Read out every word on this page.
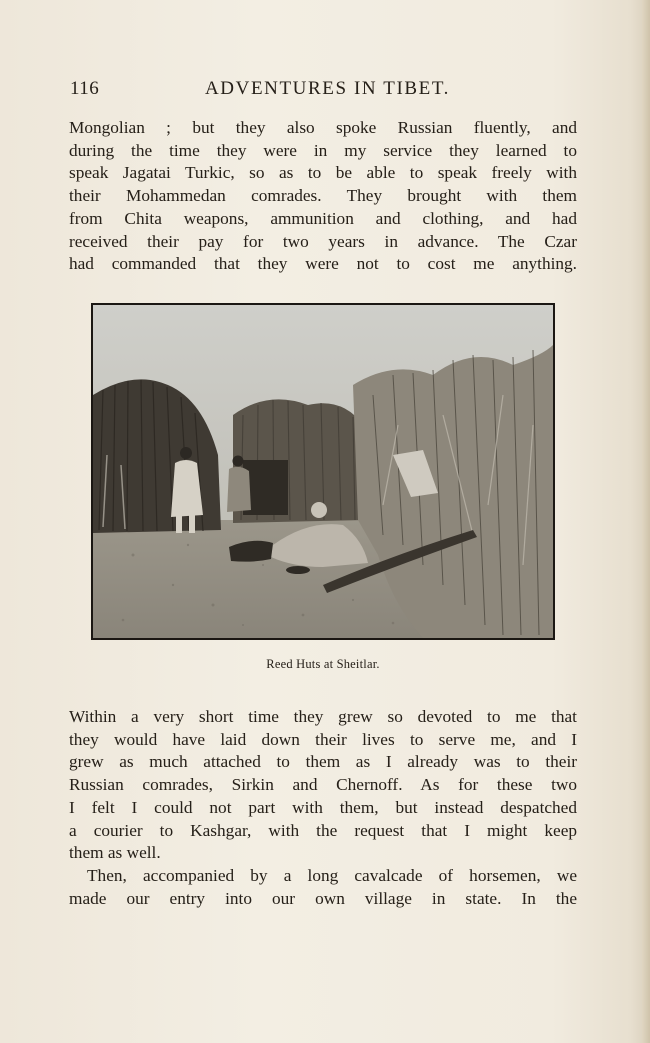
116	ADVENTURES IN TIBET.

Mongolian ; but they also spoke Russian fluently, and
during the time they were in my service they learned to
speak Jagatai Turkic, so as to be able to speak freely with
their Mohammedan comrades. They brought with them
from Chita weapons, ammunition and clothing, and had
received their pay for two years in advance. The Czar
had commanded that they were not to cost me anything.

Reed Huts at Sheitlar.

Within a very short time they grew so devoted to me that
they would have laid down their lives to serve me, and I
grew as much attached to them as I already was to their
Russian comrades, Sirkin and Chernoff. As for these two
I felt I could not part with them, but instead despatched
a courier to Kashgar, with the request that I might keep
them as well.

Then, accompanied by a long cavalcade of horsemen, we
made our entry into our own village in state. In the
